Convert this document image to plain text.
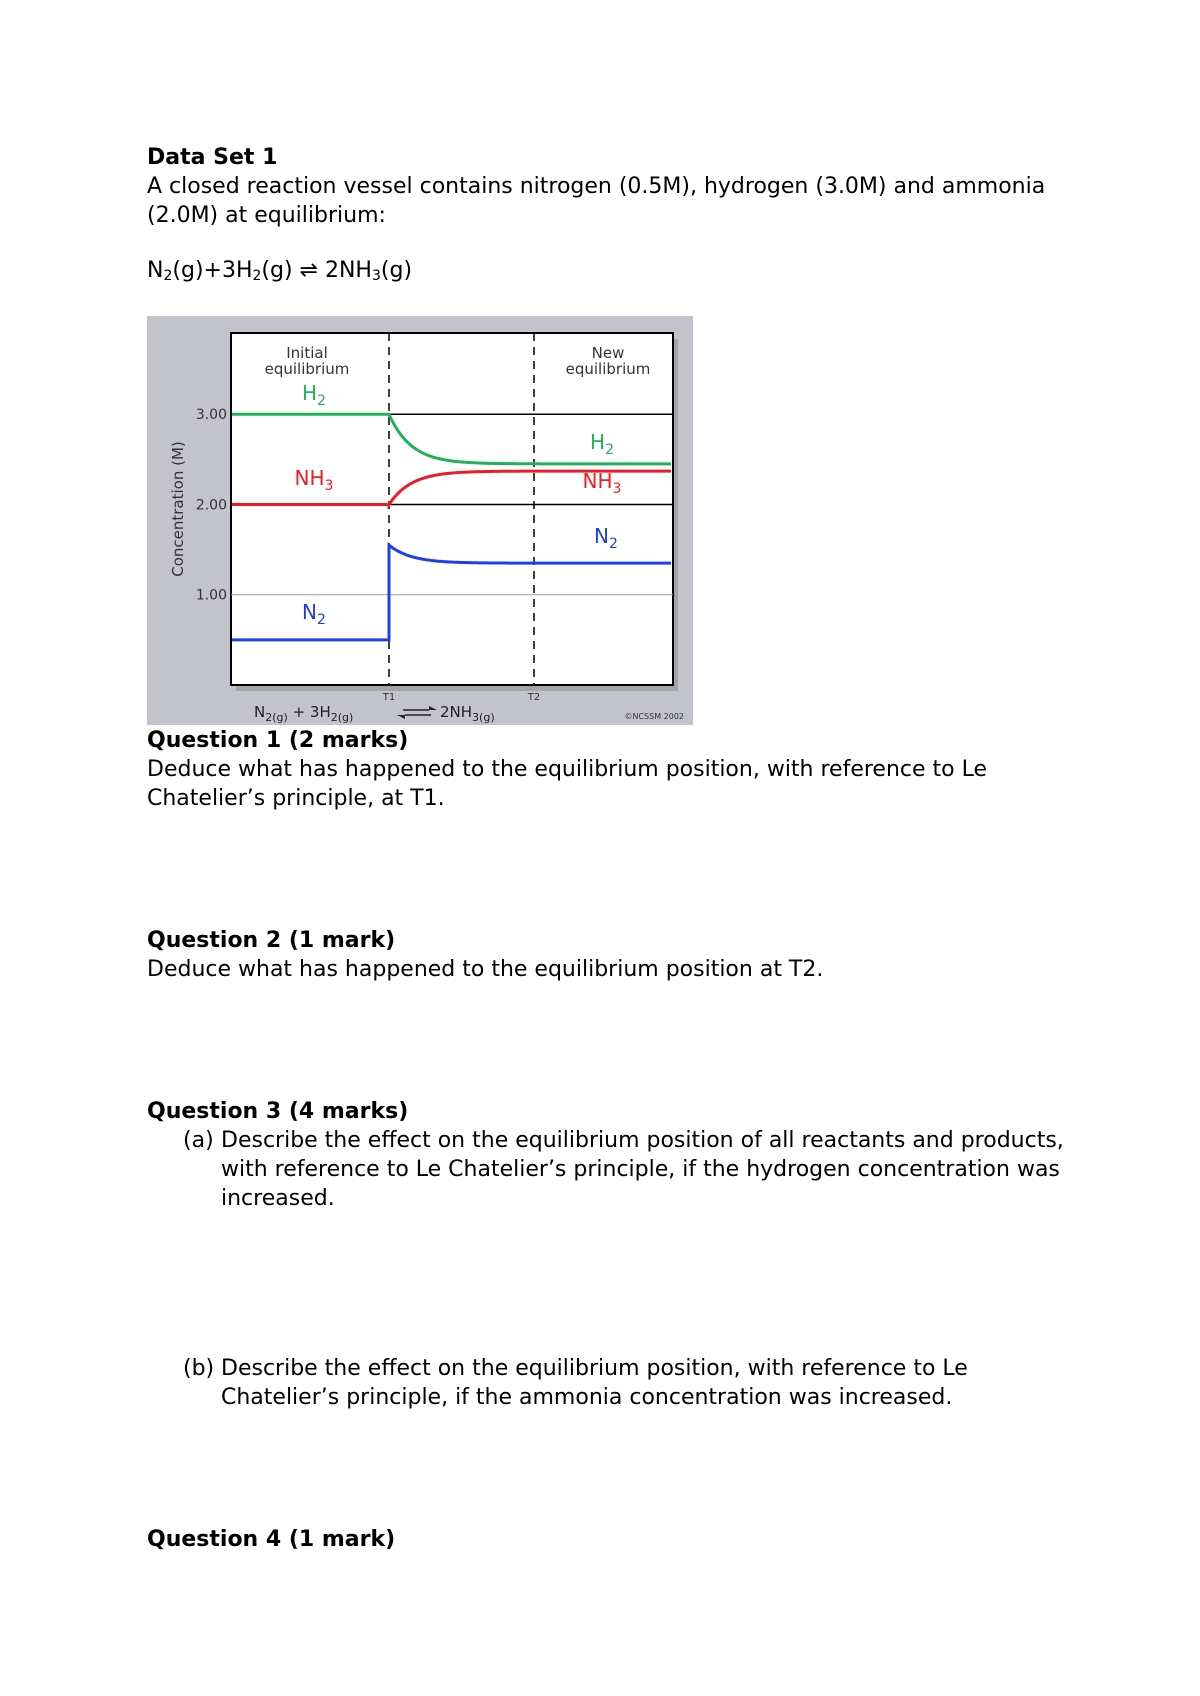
Data Set 1
A closed reaction vessel contains nitrogen (0.5M), hydrogen (3.0M) and ammonia (2.0M) at equilibrium:
$N_2(g)+3H_2(g)$ ⇌ $2NH_3(g)$
3.00
2.00
1.00
Initial
equilibrium
New
equilibrium
$H_2$
$H_2$
$NH_3$	$NH_3$
$N_2$
$N_2$
Concentration (M)
T1	T2
$N_{2(g)} + 3H_{2(g)}$	$2NH_{3(g)}$	©NCSSM 2002
Question 1 (2 marks)
Deduce what has happened to the equilibrium position, with reference to Le Chatelier’s principle, at T1.
Question 2 (1 mark)
Deduce what has happened to the equilibrium position at T2.
Question 3 (4 marks)
(a) Describe the effect on the equilibrium position of all reactants and products, with reference to Le Chatelier’s principle, if the hydrogen concentration was increased.
(b) Describe the effect on the equilibrium position, with reference to Le Chatelier’s principle, if the ammonia concentration was increased.
Question 4 (1 mark)
